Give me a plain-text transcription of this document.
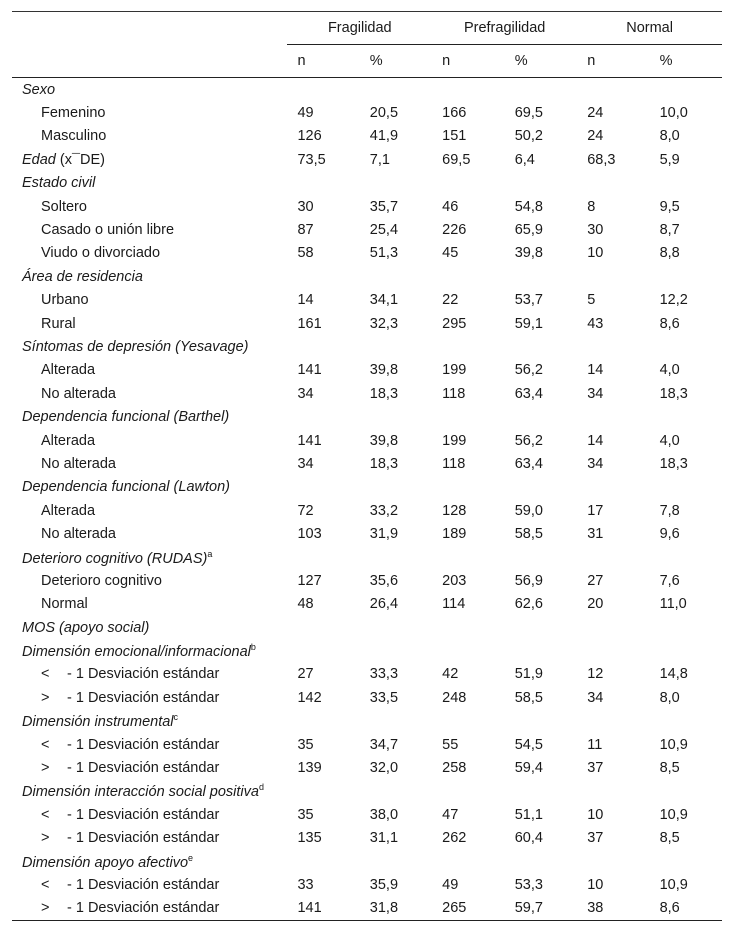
	Fragilidad		Prefragilidad		Normal	
	n	%	n	%	n	%
Sexo						
Femenino	49	20,5	166	69,5	24	10,0
Masculino	126	41,9	151	50,2	24	8,0
Edad (x¯DE)	73,5	7,1	69,5	6,4	68,3	5,9
Estado civil						
Soltero	30	35,7	46	54,8	8	9,5
Casado o unión libre	87	25,4	226	65,9	30	8,7
Viudo o divorciado	58	51,3	45	39,8	10	8,8
Área de residencia						
Urbano	14	34,1	22	53,7	5	12,2
Rural	161	32,3	295	59,1	43	8,6
Síntomas de depresión (Yesavage)						
Alterada	141	39,8	199	56,2	14	4,0
No alterada	34	18,3	118	63,4	34	18,3
Dependencia funcional (Barthel)						
Alterada	141	39,8	199	56,2	14	4,0
No alterada	34	18,3	118	63,4	34	18,3
Dependencia funcional (Lawton)						
Alterada	72	33,2	128	59,0	17	7,8
No alterada	103	31,9	189	58,5	31	9,6
Deterioro cognitivo (RUDAS)$^a$
Deterioro cognitivo	127	35,6	203	56,9	27	7,6
Normal	48	26,4	114	62,6	20	11,0
MOS (apoyo social)						
Dimensión emocional/informacional$^b$
< - 1 Desviación estándar	27	33,3	42	51,9	12	14,8
> - 1 Desviación estándar	142	33,5	248	58,5	34	8,0
Dimensión instrumental$^c$
< - 1 Desviación estándar	35	34,7	55	54,5	11	10,9
> - 1 Desviación estándar	139	32,0	258	59,4	37	8,5
Dimensión interacción social positiva$^d$
< - 1 Desviación estándar	35	38,0	47	51,1	10	10,9
> - 1 Desviación estándar	135	31,1	262	60,4	37	8,5
Dimensión apoyo afectivo$^e$
< - 1 Desviación estándar	33	35,9	49	53,3	10	10,9
> - 1 Desviación estándar	141	31,8	265	59,7	38	8,6
